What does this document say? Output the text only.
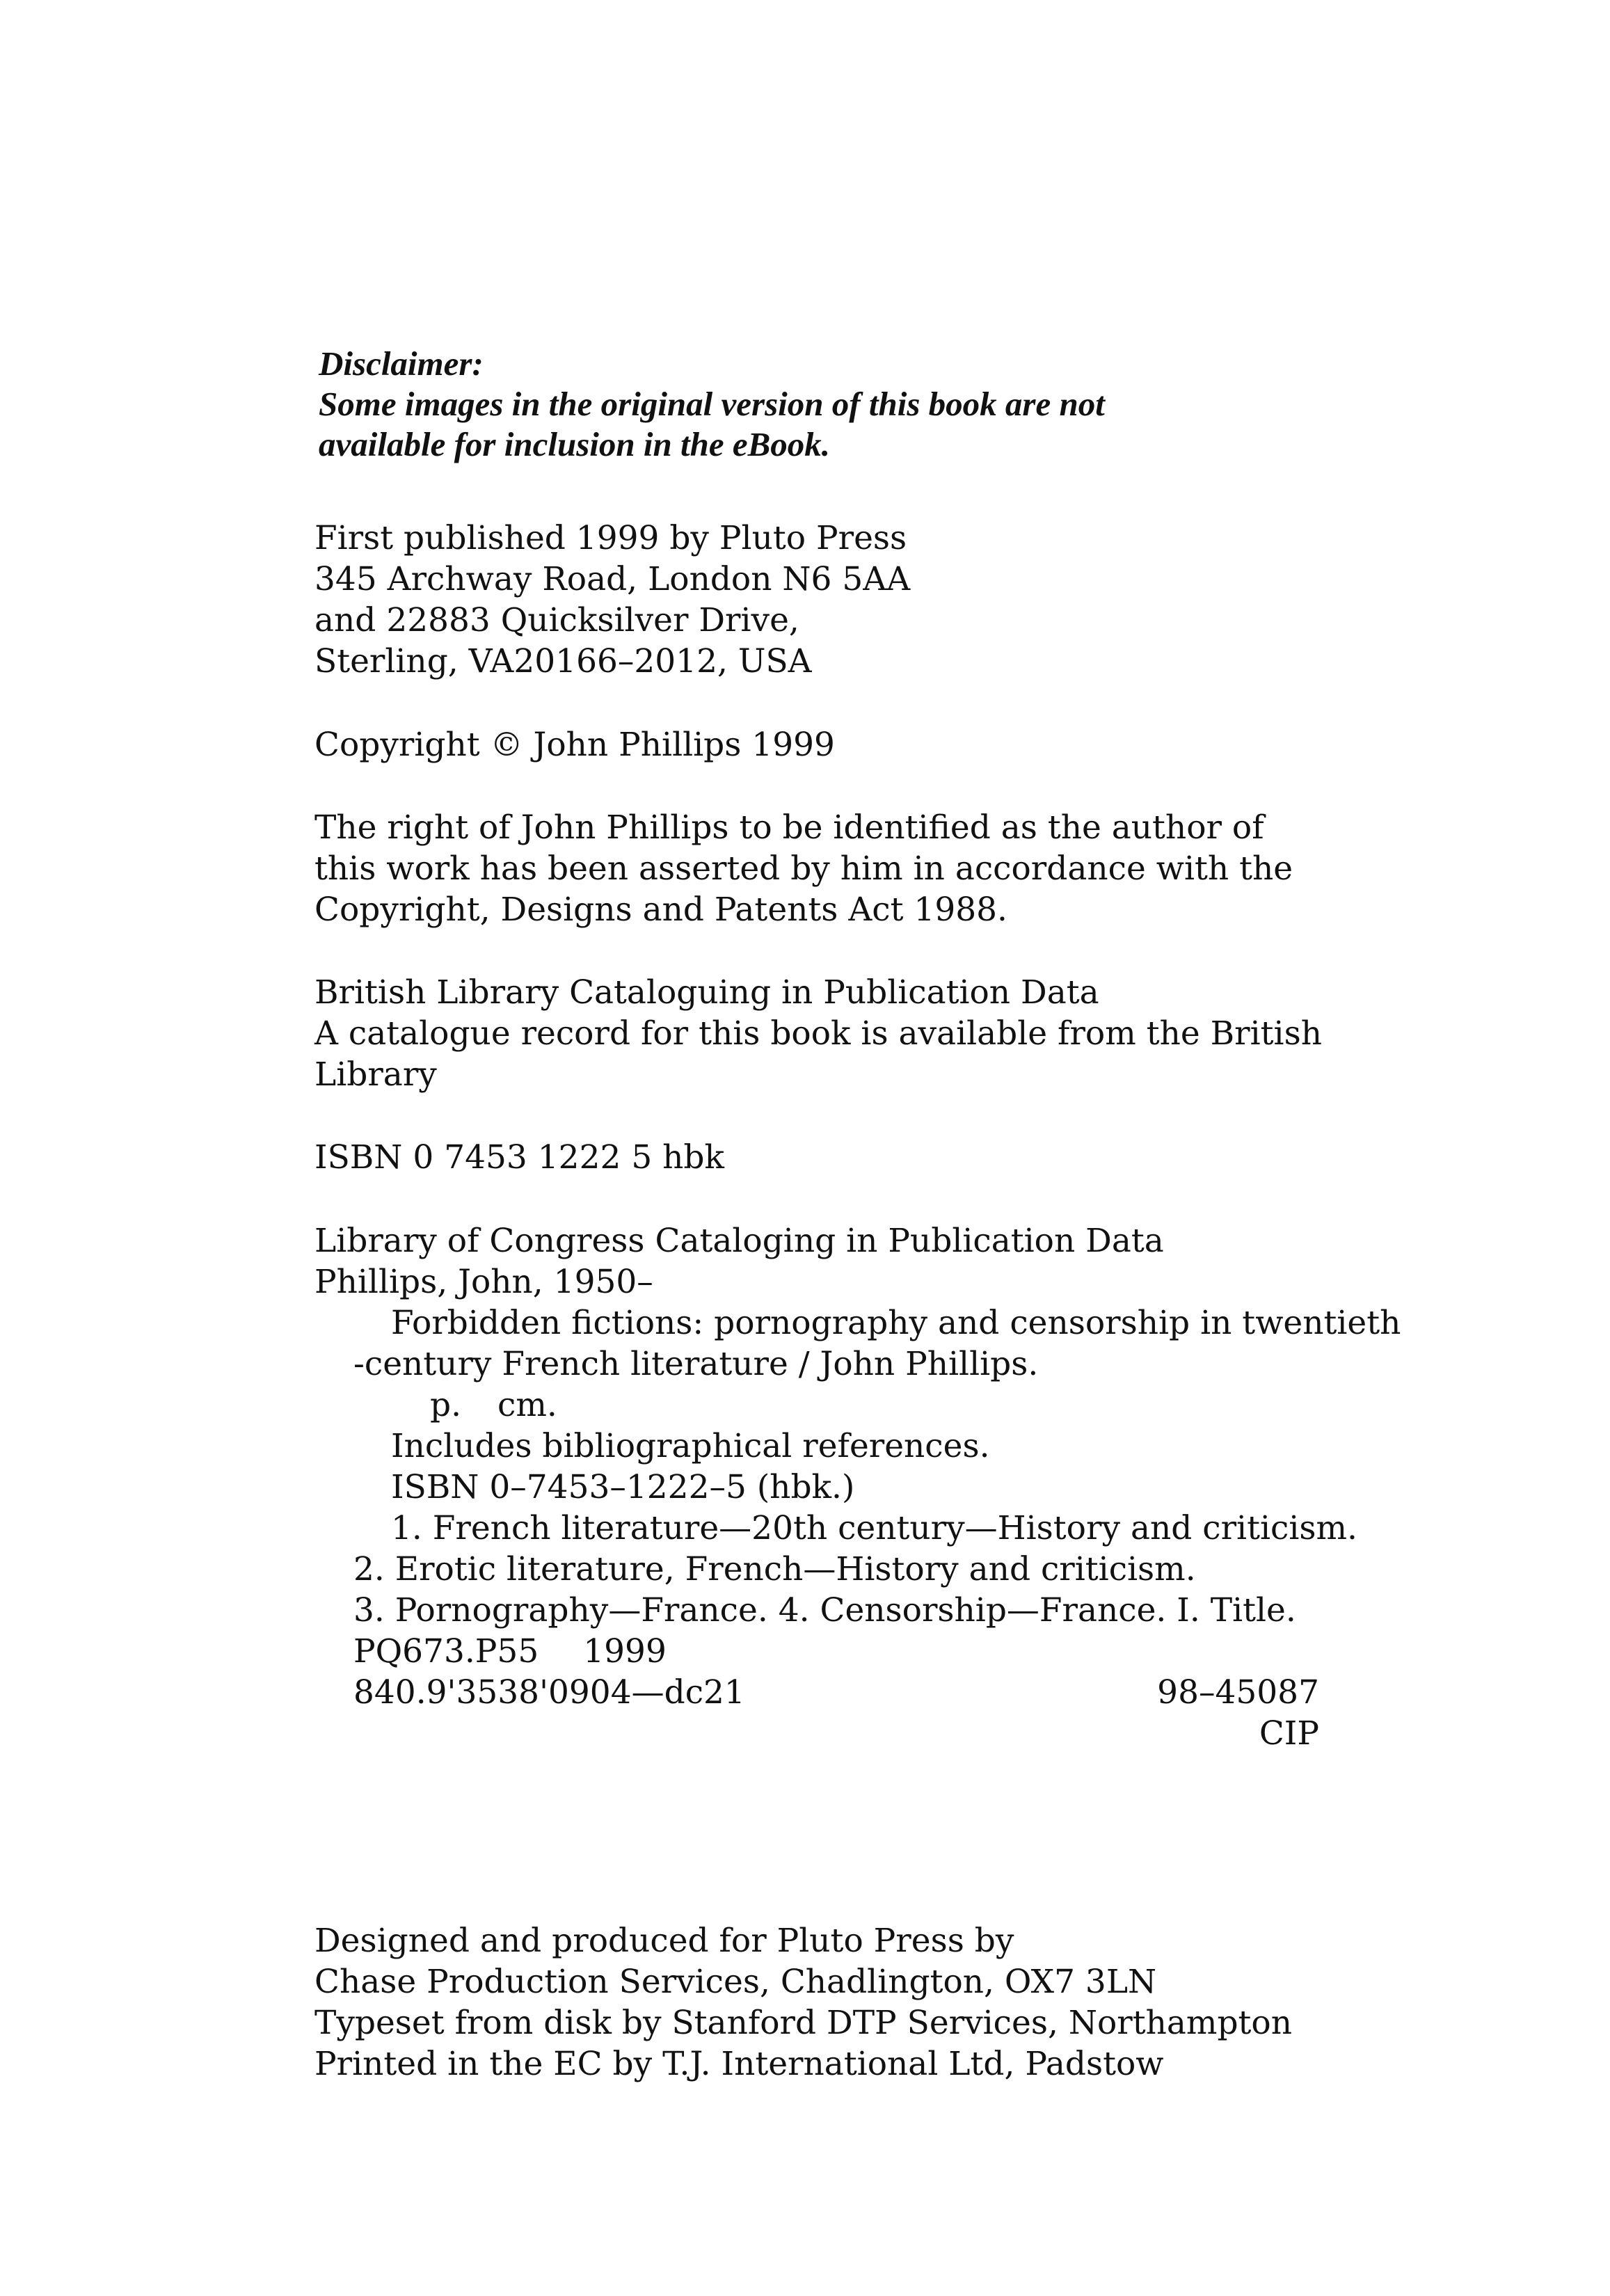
Disclaimer:
Some images in the original version of this book are not
available for inclusion in the eBook.
First published 1999 by Pluto Press
345 Archway Road, London N6 5AA
and 22883 Quicksilver Drive,
Sterling, VA20166–2012, USA
Copyright © John Phillips 1999
The right of John Phillips to be identified as the author of
this work has been asserted by him in accordance with the
Copyright, Designs and Patents Act 1988.
British Library Cataloguing in Publication Data
A catalogue record for this book is available from the British
Library
ISBN 0 7453 1222 5 hbk
Library of Congress Cataloging in Publication Data
Phillips, John, 1950–
Forbidden fictions: pornography and censorship in twentieth
-century French literature / John Phillips.
p. cm.
Includes bibliographical references.
ISBN 0–7453–1222–5 (hbk.)
1. French literature—20th century—History and criticism.
2. Erotic literature, French—History and criticism.
3. Pornography—France. 4. Censorship—France. I. Title.
PQ673.P55 1999
840.9'3538'0904—dc21	98–45087
CIP
Designed and produced for Pluto Press by
Chase Production Services, Chadlington, OX7 3LN
Typeset from disk by Stanford DTP Services, Northampton
Printed in the EC by T.J. International Ltd, Padstow
